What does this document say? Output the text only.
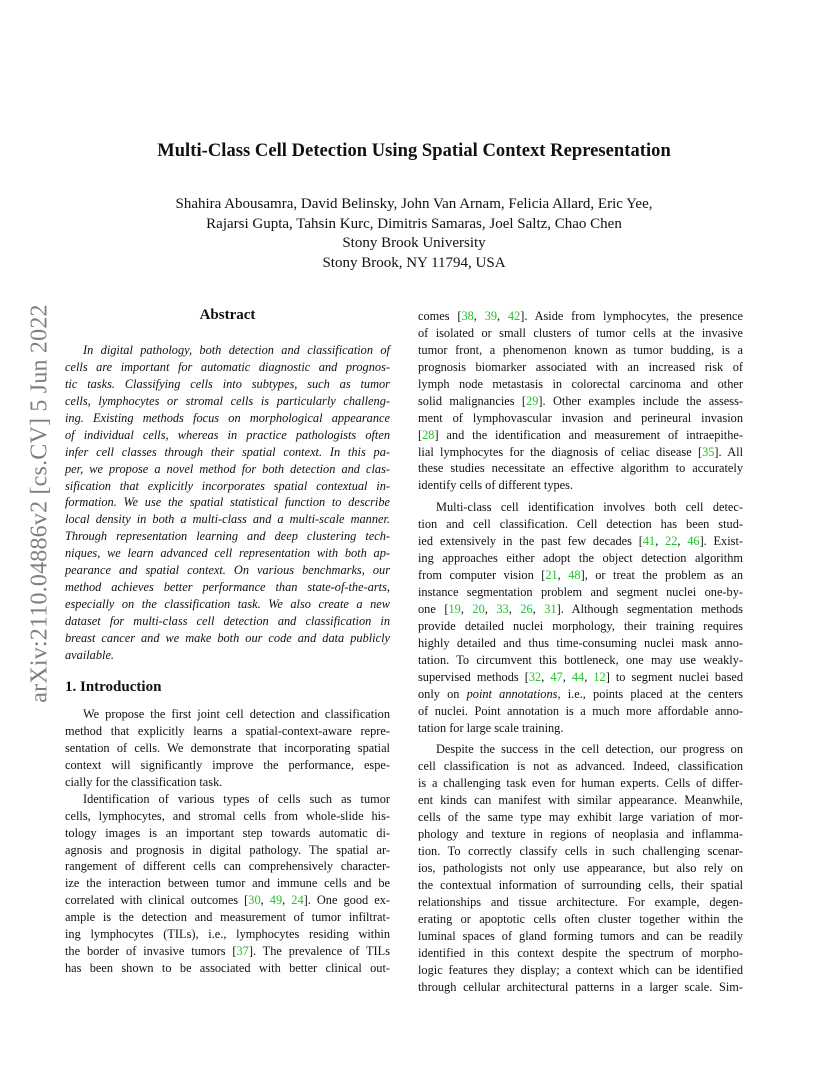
arXiv:2110.04886v2 [cs.CV] 5 Jun 2022
Multi-Class Cell Detection Using Spatial Context Representation
Shahira Abousamra, David Belinsky, John Van Arnam, Felicia Allard, Eric Yee,
Rajarsi Gupta, Tahsin Kurc, Dimitris Samaras, Joel Saltz, Chao Chen
Stony Brook University
Stony Brook, NY 11794, USA
Abstract
In digital pathology, both detection and classification of
cells are important for automatic diagnostic and prognos-
tic tasks. Classifying cells into subtypes, such as tumor
cells, lymphocytes or stromal cells is particularly challeng-
ing. Existing methods focus on morphological appearance
of individual cells, whereas in practice pathologists often
infer cell classes through their spatial context. In this pa-
per, we propose a novel method for both detection and clas-
sification that explicitly incorporates spatial contextual in-
formation. We use the spatial statistical function to describe
local density in both a multi-class and a multi-scale manner.
Through representation learning and deep clustering tech-
niques, we learn advanced cell representation with both ap-
pearance and spatial context. On various benchmarks, our
method achieves better performance than state-of-the-arts,
especially on the classification task. We also create a new
dataset for multi-class cell detection and classification in
breast cancer and we make both our code and data publicly
available.
1. Introduction
We propose the first joint cell detection and classification
method that explicitly learns a spatial-context-aware repre-
sentation of cells. We demonstrate that incorporating spatial
context will significantly improve the performance, espe-
cially for the classification task.
Identification of various types of cells such as tumor
cells, lymphocytes, and stromal cells from whole-slide his-
tology images is an important step towards automatic di-
agnosis and prognosis in digital pathology. The spatial ar-
rangement of different cells can comprehensively character-
ize the interaction between tumor and immune cells and be
correlated with clinical outcomes [30, 49, 24]. One good ex-
ample is the detection and measurement of tumor infiltrat-
ing lymphocytes (TILs), i.e., lymphocytes residing within
the border of invasive tumors [37]. The prevalence of TILs
has been shown to be associated with better clinical out-
comes [38, 39, 42]. Aside from lymphocytes, the presence
of isolated or small clusters of tumor cells at the invasive
tumor front, a phenomenon known as tumor budding, is a
prognosis biomarker associated with an increased risk of
lymph node metastasis in colorectal carcinoma and other
solid malignancies [29]. Other examples include the assess-
ment of lymphovascular invasion and perineural invasion
[28] and the identification and measurement of intraepithe-
lial lymphocytes for the diagnosis of celiac disease [35]. All
these studies necessitate an effective algorithm to accurately
identify cells of different types.
Multi-class cell identification involves both cell detec-
tion and cell classification. Cell detection has been stud-
ied extensively in the past few decades [41, 22, 46]. Exist-
ing approaches either adopt the object detection algorithm
from computer vision [21, 48], or treat the problem as an
instance segmentation problem and segment nuclei one-by-
one [19, 20, 33, 26, 31]. Although segmentation methods
provide detailed nuclei morphology, their training requires
highly detailed and thus time-consuming nuclei mask anno-
tation. To circumvent this bottleneck, one may use weakly-
supervised methods [32, 47, 44, 12] to segment nuclei based
only on point annotations, i.e., points placed at the centers
of nuclei. Point annotation is a much more affordable anno-
tation for large scale training.
Despite the success in the cell detection, our progress on
cell classification is not as advanced. Indeed, classification
is a challenging task even for human experts. Cells of differ-
ent kinds can manifest with similar appearance. Meanwhile,
cells of the same type may exhibit large variation of mor-
phology and texture in regions of neoplasia and inflamma-
tion. To correctly classify cells in such challenging scenar-
ios, pathologists not only use appearance, but also rely on
the contextual information of surrounding cells, their spatial
relationships and tissue architecture. For example, degen-
erating or apoptotic cells often cluster together within the
luminal spaces of gland forming tumors and can be readily
identified in this context despite the spectrum of morpho-
logic features they display; a context which can be identified
through cellular architectural patterns in a larger scale. Sim-
